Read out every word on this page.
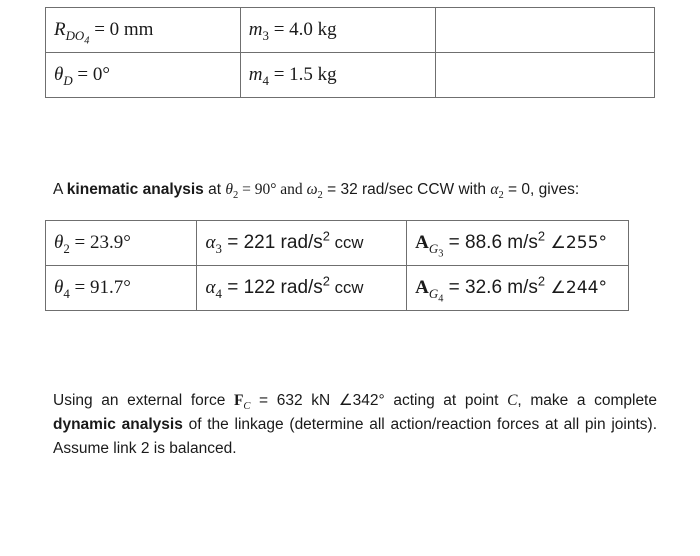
$R_{DO_4} = 0$ mm	$m_3 = 4.0$ kg	
$\theta_D = 0^\circ$	$m_4 = 1.5$ kg	
A kinematic analysis at $\theta_2 = 90^\circ$ and $\omega_2 = 32$ rad/sec CCW with $\alpha_2 = 0$, gives:
$\theta_2 = 23.9^\circ$	$\alpha_3 = 221$ rad/$s^2$ ccw	$A_{G_3} = 88.6$ $m/s^2$ ∠255°
$\theta_4 = 91.7^\circ$	$\alpha_4 = 122$ rad/$s^2$ ccw	$A_{G_4} = 32.6$ $m/s^2$ ∠244°
Using an external force $F_C = 632$ kN ∠342° acting at point C, make a complete dynamic analysis of the linkage (determine all action/reaction forces at all pin joints). Assume link 2 is balanced.
